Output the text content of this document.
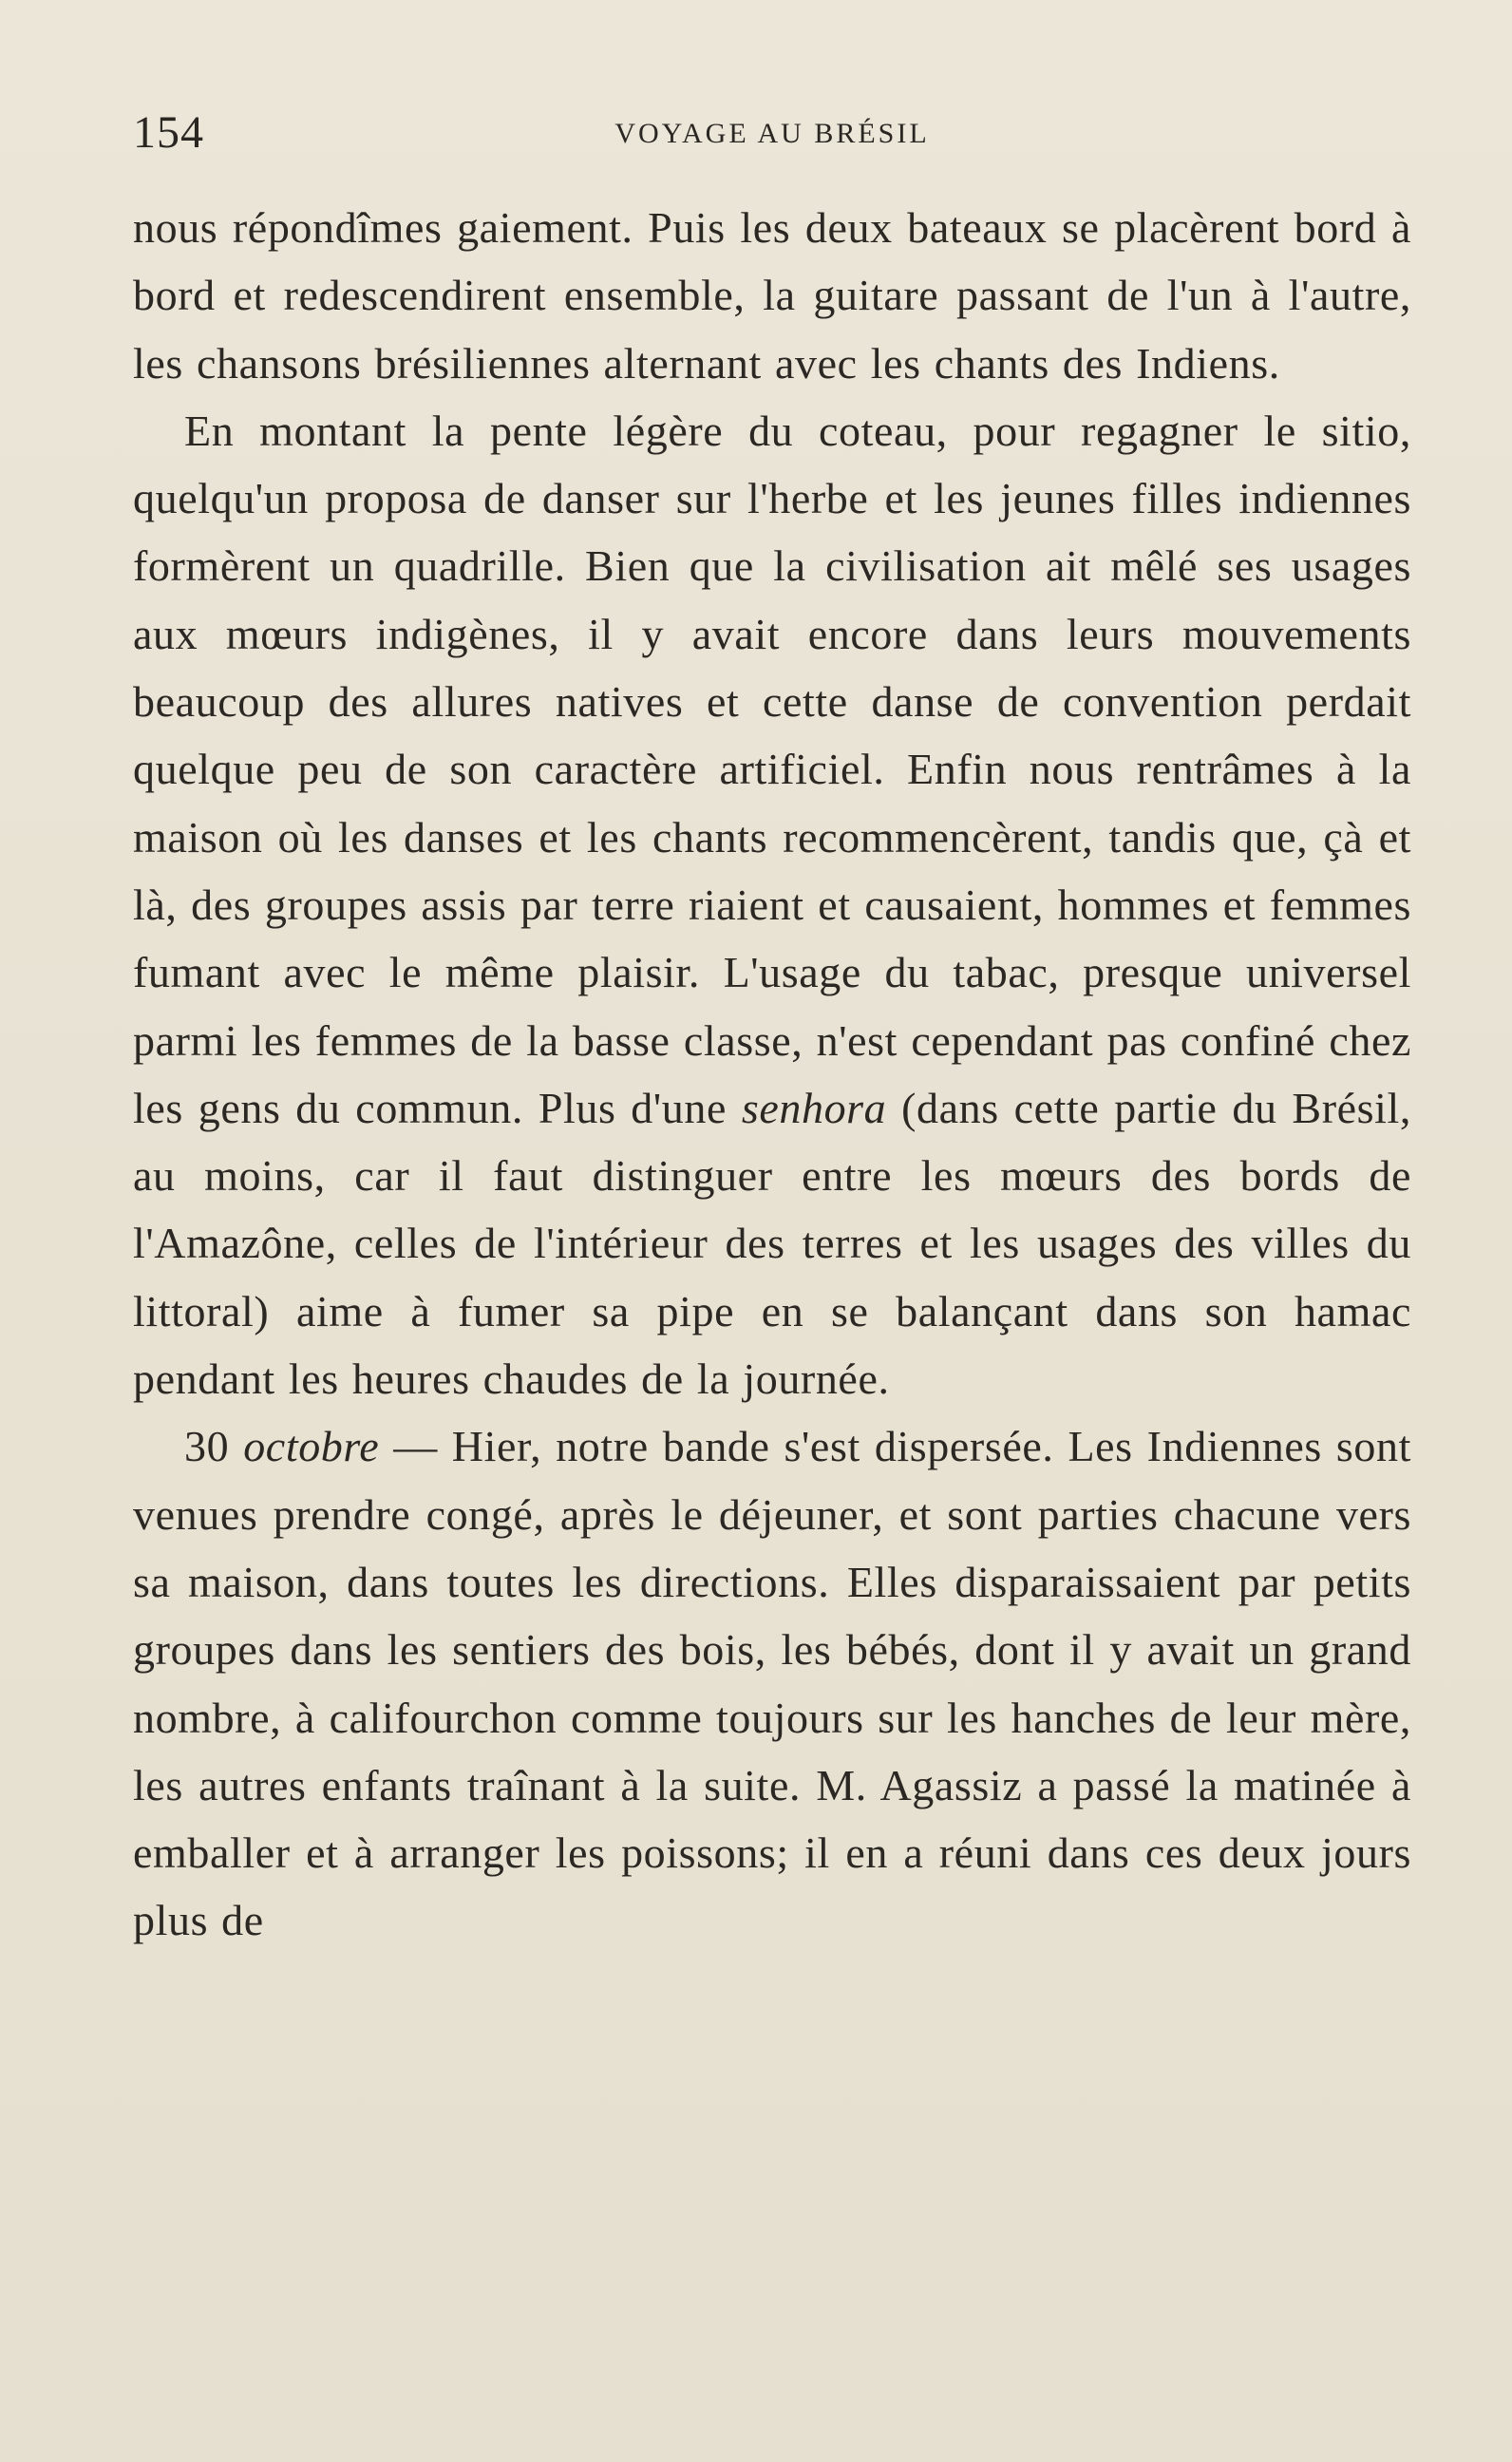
154	VOYAGE AU BRÉSIL

nous répondîmes gaiement. Puis les deux bateaux se placèrent bord à bord et redescendirent ensemble, la guitare passant de l'un à l'autre, les chansons brésiliennes alternant avec les chants des Indiens.

En montant la pente légère du coteau, pour regagner le sitio, quelqu'un proposa de danser sur l'herbe et les jeunes filles indiennes formèrent un quadrille. Bien que la civilisation ait mêlé ses usages aux mœurs indigènes, il y avait encore dans leurs mouvements beaucoup des allures natives et cette danse de convention perdait quelque peu de son caractère artificiel. Enfin nous rentrâmes à la maison où les danses et les chants recommencèrent, tandis que, çà et là, des groupes assis par terre riaient et causaient, hommes et femmes fumant avec le même plaisir. L'usage du tabac, presque universel parmi les femmes de la basse classe, n'est cependant pas confiné chez les gens du commun. Plus d'une senhora (dans cette partie du Brésil, au moins, car il faut distinguer entre les mœurs des bords de l'Amazône, celles de l'intérieur des terres et les usages des villes du littoral) aime à fumer sa pipe en se balançant dans son hamac pendant les heures chaudes de la journée.

30 octobre — Hier, notre bande s'est dispersée. Les Indiennes sont venues prendre congé, après le déjeuner, et sont parties chacune vers sa maison, dans toutes les directions. Elles disparaissaient par petits groupes dans les sentiers des bois, les bébés, dont il y avait un grand nombre, à califourchon comme toujours sur les hanches de leur mère, les autres enfants traînant à la suite. M. Agassiz a passé la matinée à emballer et à arranger les poissons; il en a réuni dans ces deux jours plus de
